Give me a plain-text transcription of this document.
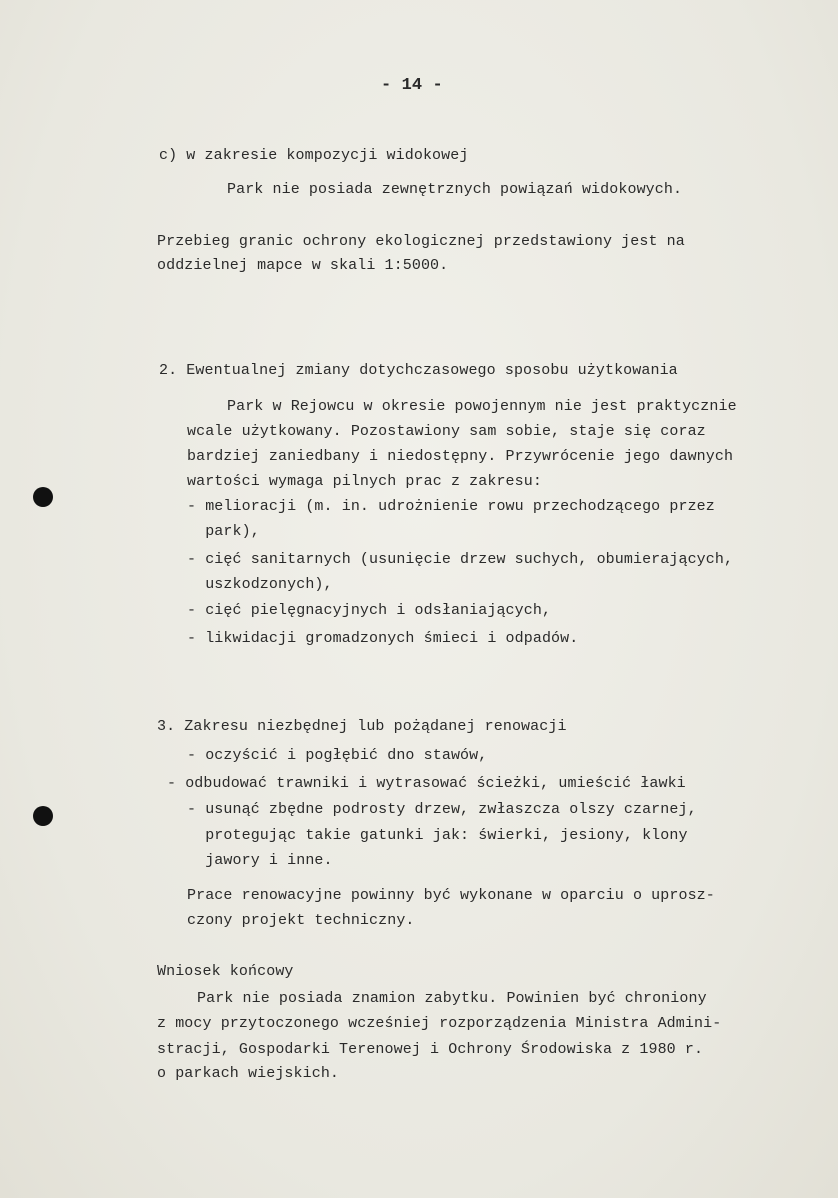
- 14 -
c) w zakresie kompozycji widokowej
Park nie posiada zewnętrznych powiązań widokowych.
Przebieg granic ochrony ekologicznej przedstawiony jest na
oddzielnej mapce w skali 1:5000.
2. Ewentualnej zmiany dotychczasowego sposobu użytkowania
Park w Rejowcu w okresie powojennym nie jest praktycznie
wcale użytkowany. Pozostawiony sam sobie, staje się coraz
bardziej zaniedbany i niedostępny. Przywrócenie jego dawnych
wartości wymaga pilnych prac z zakresu:
- melioracji (m. in. udrożnienie rowu przechodzącego przez
park),
- cięć sanitarnych (usunięcie drzew suchych, obumierających,
uszkodzonych),
- cięć pielęgnacyjnych i odsłaniających,
- likwidacji gromadzonych śmieci i odpadów.
3. Zakresu niezbędnej lub pożądanej renowacji
- oczyścić i pogłębić dno stawów,
- odbudować trawniki i wytrasować ścieżki, umieścić ławki
- usunąć zbędne podrosty drzew, zwłaszcza olszy czarnej,
protegując takie gatunki jak: świerki, jesiony, klony
jawory i inne.
Prace renowacyjne powinny być wykonane w oparciu o uprosz-
czony projekt techniczny.
Wniosek końcowy
Park nie posiada znamion zabytku. Powinien być chroniony
z mocy przytoczonego wcześniej rozporządzenia Ministra Admini-
stracji, Gospodarki Terenowej i Ochrony Środowiska z 1980 r.
o parkach wiejskich.
